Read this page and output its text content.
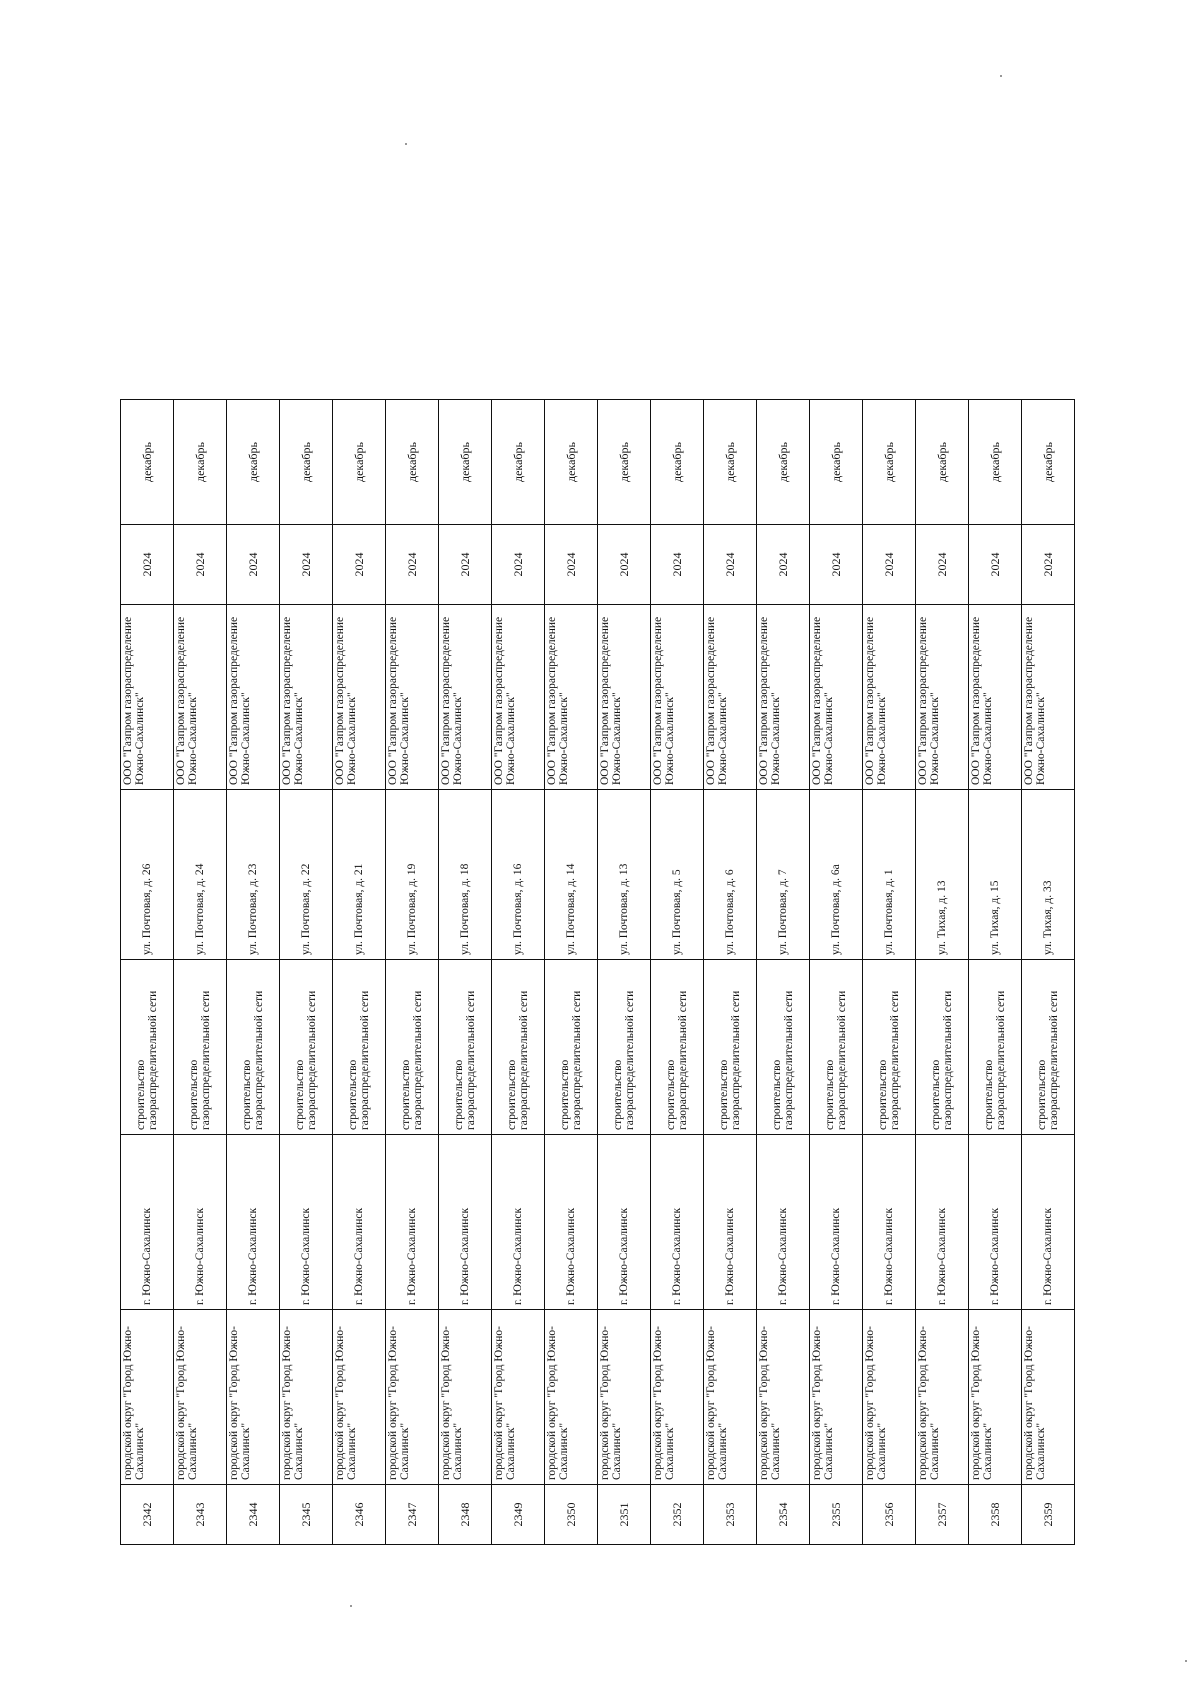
2342	городской округ "Город Южно-Сахалинск"	г. Южно-Сахалинск	строительство газораспределительной сети	ул. Почтовая, д. 26	ООО "Газпром газораспределение Южно-Сахалинск"	2024	декабрь
2343	городской округ "Город Южно-Сахалинск"	г. Южно-Сахалинск	строительство газораспределительной сети	ул. Почтовая, д. 24	ООО "Газпром газораспределение Южно-Сахалинск"	2024	декабрь
2344	городской округ "Город Южно-Сахалинск"	г. Южно-Сахалинск	строительство газораспределительной сети	ул. Почтовая, д. 23	ООО "Газпром газораспределение Южно-Сахалинск"	2024	декабрь
2345	городской округ "Город Южно-Сахалинск"	г. Южно-Сахалинск	строительство газораспределительной сети	ул. Почтовая, д. 22	ООО "Газпром газораспределение Южно-Сахалинск"	2024	декабрь
2346	городской округ "Город Южно-Сахалинск"	г. Южно-Сахалинск	строительство газораспределительной сети	ул. Почтовая, д. 21	ООО "Газпром газораспределение Южно-Сахалинск"	2024	декабрь
2347	городской округ "Город Южно-Сахалинск"	г. Южно-Сахалинск	строительство газораспределительной сети	ул. Почтовая, д. 19	ООО "Газпром газораспределение Южно-Сахалинск"	2024	декабрь
2348	городской округ "Город Южно-Сахалинск"	г. Южно-Сахалинск	строительство газораспределительной сети	ул. Почтовая, д. 18	ООО "Газпром газораспределение Южно-Сахалинск"	2024	декабрь
2349	городской округ "Город Южно-Сахалинск"	г. Южно-Сахалинск	строительство газораспределительной сети	ул. Почтовая, д. 16	ООО "Газпром газораспределение Южно-Сахалинск"	2024	декабрь
2350	городской округ "Город Южно-Сахалинск"	г. Южно-Сахалинск	строительство газораспределительной сети	ул. Почтовая, д. 14	ООО "Газпром газораспределение Южно-Сахалинск"	2024	декабрь
2351	городской округ "Город Южно-Сахалинск"	г. Южно-Сахалинск	строительство газораспределительной сети	ул. Почтовая, д. 13	ООО "Газпром газораспределение Южно-Сахалинск"	2024	декабрь
2352	городской округ "Город Южно-Сахалинск"	г. Южно-Сахалинск	строительство газораспределительной сети	ул. Почтовая, д. 5	ООО "Газпром газораспределение Южно-Сахалинск"	2024	декабрь
2353	городской округ "Город Южно-Сахалинск"	г. Южно-Сахалинск	строительство газораспределительной сети	ул. Почтовая, д. 6	ООО "Газпром газораспределение Южно-Сахалинск"	2024	декабрь
2354	городской округ "Город Южно-Сахалинск"	г. Южно-Сахалинск	строительство газораспределительной сети	ул. Почтовая, д. 7	ООО "Газпром газораспределение Южно-Сахалинск"	2024	декабрь
2355	городской округ "Город Южно-Сахалинск"	г. Южно-Сахалинск	строительство газораспределительной сети	ул. Почтовая, д. 6а	ООО "Газпром газораспределение Южно-Сахалинск"	2024	декабрь
2356	городской округ "Город Южно-Сахалинск"	г. Южно-Сахалинск	строительство газораспределительной сети	ул. Почтовая, д. 1	ООО "Газпром газораспределение Южно-Сахалинск"	2024	декабрь
2357	городской округ "Город Южно-Сахалинск"	г. Южно-Сахалинск	строительство газораспределительной сети	ул. Тихая, д. 13	ООО "Газпром газораспределение Южно-Сахалинск"	2024	декабрь
2358	городской округ "Город Южно-Сахалинск"	г. Южно-Сахалинск	строительство газораспределительной сети	ул. Тихая, д. 15	ООО "Газпром газораспределение Южно-Сахалинск"	2024	декабрь
2359	городской округ "Город Южно-Сахалинск"	г. Южно-Сахалинск	строительство газораспределительной сети	ул. Тихая, д. 33	ООО "Газпром газораспределение Южно-Сахалинск"	2024	декабрь
